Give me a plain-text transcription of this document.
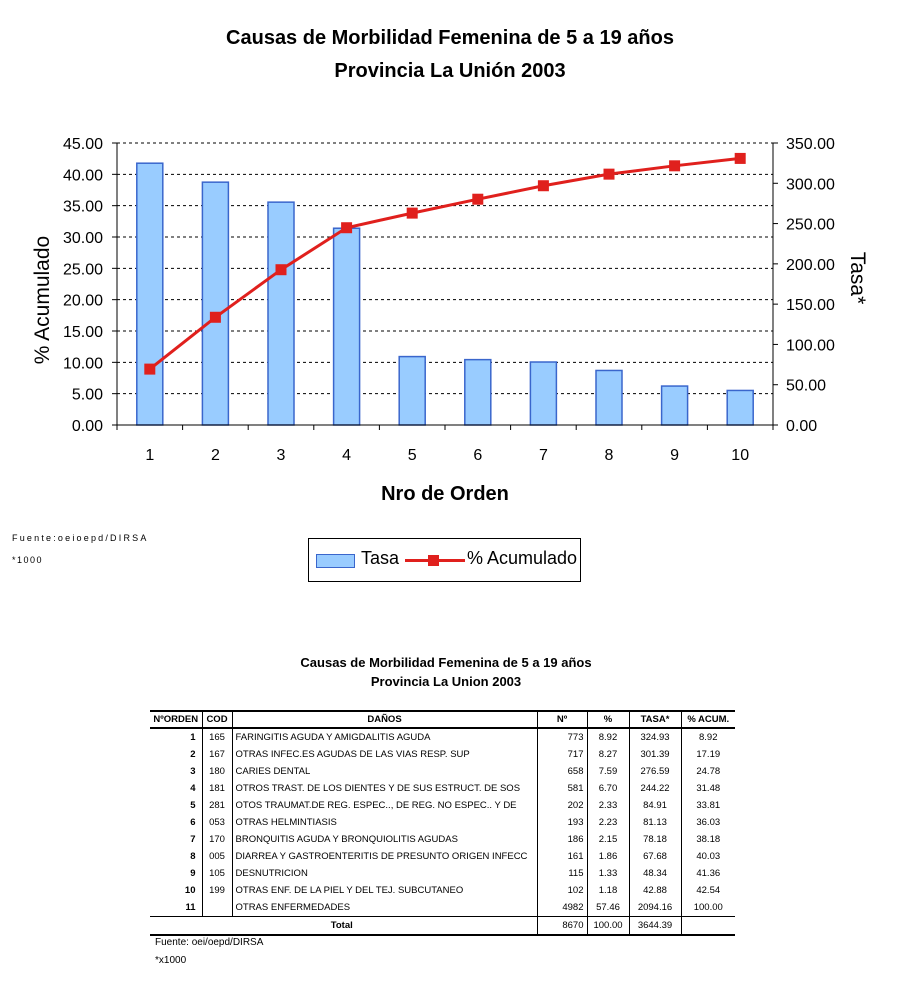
Causas de Morbilidad Femenina de 5 a 19 años
Provincia La Unión 2003
0.00
5.00
10.00
15.00
20.00
25.00
30.00
35.00
40.00
45.00
0.00
50.00
100.00
150.00
200.00
250.00
300.00
350.00
1	2	3	4	5	6	7	8	9	10
Nro de Orden
% Acumulado	Tasa*
Fuente:oeioepd/DIRSA
*1000	Tasa	% Acumulado
Causas de Morbilidad Femenina de 5 a 19 años
Provincia La Union 2003
NºORDEN	COD	DAÑOS	Nº	%	TASA*	% ACUM.
1	165	FARINGITIS AGUDA Y AMIGDALITIS AGUDA	773	8.92	324.93	8.92
2	167	OTRAS INFEC.ES AGUDAS DE LAS VIAS RESP. SUP	717	8.27	301.39	17.19
3	180	CARIES DENTAL	658	7.59	276.59	24.78
4	181	OTROS TRAST. DE LOS DIENTES Y DE SUS ESTRUCT. DE SOS	581	6.70	244.22	31.48
5	281	OTOS TRAUMAT.DE REG. ESPEC.., DE REG. NO ESPEC.. Y DE	202	2.33	84.91	33.81
6	053	OTRAS HELMINTIASIS	193	2.23	81.13	36.03
7	170	BRONQUITIS AGUDA Y BRONQUIOLITIS AGUDAS	186	2.15	78.18	38.18
8	005	DIARREA Y GASTROENTERITIS DE PRESUNTO ORIGEN INFECC	161	1.86	67.68	40.03
9	105	DESNUTRICION	115	1.33	48.34	41.36
10	199	OTRAS ENF. DE LA PIEL Y DEL TEJ. SUBCUTANEO	102	1.18	42.88	42.54
11		OTRAS ENFERMEDADES	4982	57.46	2094.16	100.00
Total			8670	100.00	3644.39	
Fuente: oei/oepd/DIRSA
*x1000
